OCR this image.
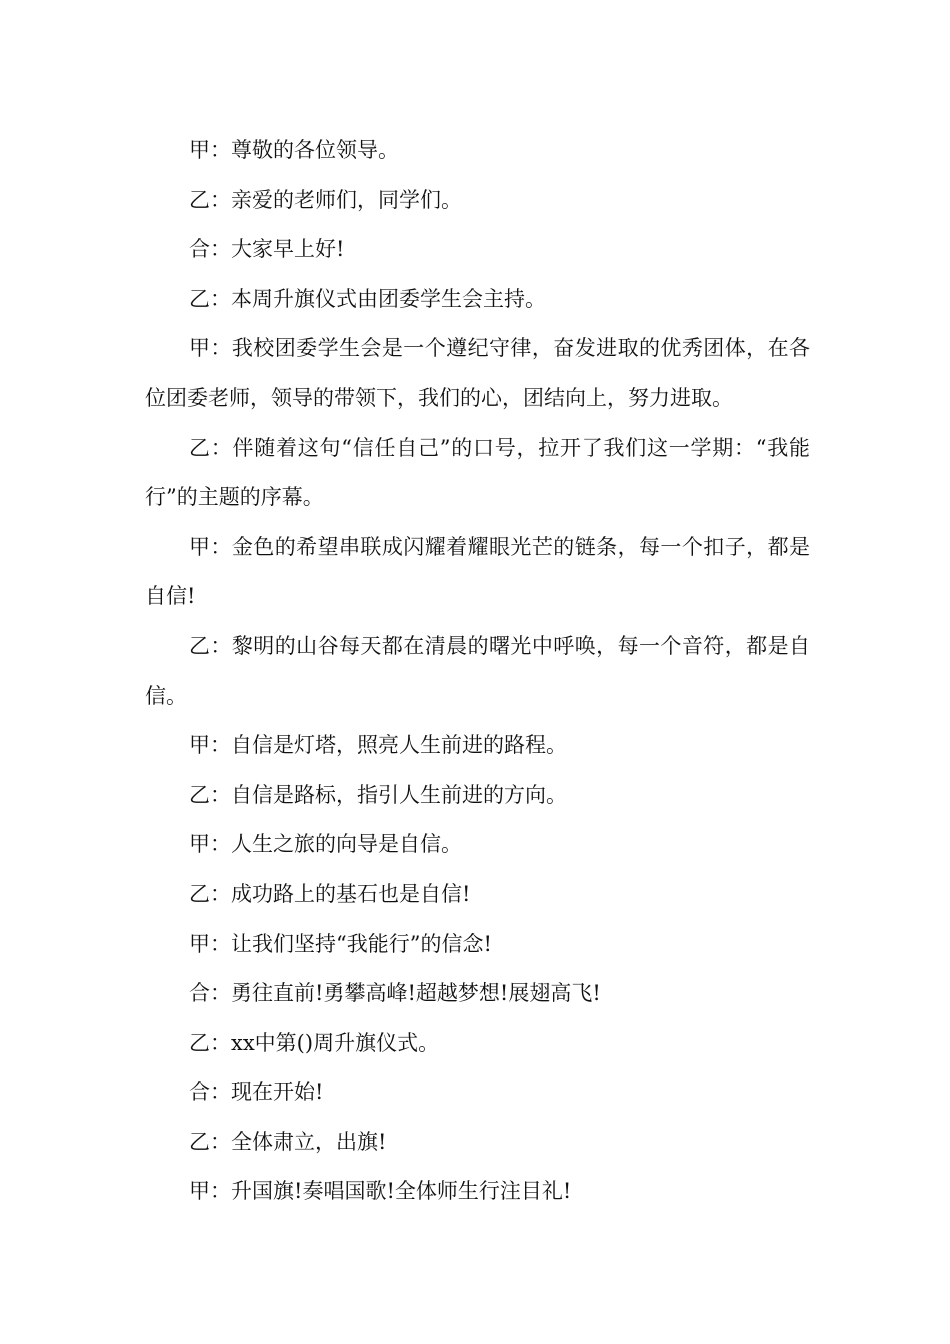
甲：尊敬的各位领导。

乙：亲爱的老师们，同学们。

合：大家早上好!

乙：本周升旗仪式由团委学生会主持。

甲：我校团委学生会是一个遵纪守律，奋发进取的优秀团体，在各位团委老师，领导的带领下，我们的心，团结向上，努力进取。

乙：伴随着这句“信任自己”的口号，拉开了我们这一学期：“我能行”的主题的序幕。

甲：金色的希望串联成闪耀着耀眼光芒的链条，每一个扣子，都是自信!

乙：黎明的山谷每天都在清晨的曙光中呼唤，每一个音符，都是自信。

甲：自信是灯塔，照亮人生前进的路程。

乙：自信是路标，指引人生前进的方向。

甲：人生之旅的向导是自信。

乙：成功路上的基石也是自信!

甲：让我们坚持“我能行”的信念!

合：勇往直前!勇攀高峰!超越梦想!展翅高飞!

乙：xx中第()周升旗仪式。

合：现在开始!

乙：全体肃立，出旗!

甲：升国旗!奏唱国歌!全体师生行注目礼!
